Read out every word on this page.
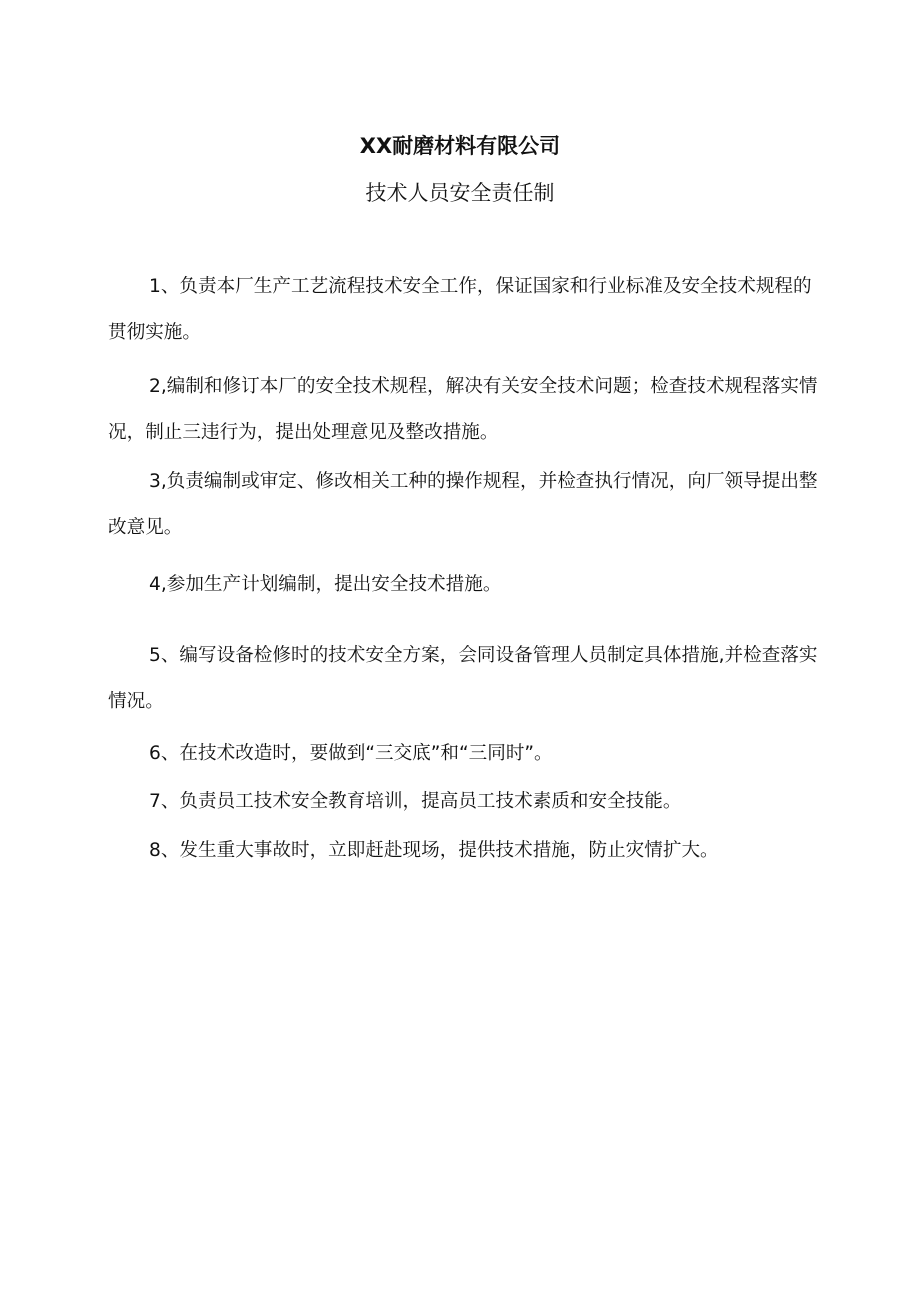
XX耐磨材料有限公司
技术人员安全责任制

1、负责本厂生产工艺流程技术安全工作，保证国家和行业标准及安全技术规程的贯彻实施。

2,编制和修订本厂的安全技术规程，解决有关安全技术问题；检查技术规程落实情况，制止三违行为，提出处理意见及整改措施。

3,负责编制或审定、修改相关工种的操作规程，并检查执行情况，向厂领导提出整改意见。

4,参加生产计划编制，提出安全技术措施。

5、编写设备检修时的技术安全方案，会同设备管理人员制定具体措施,并检查落实情况。

6、在技术改造时，要做到“三交底”和“三同时”。

7、负责员工技术安全教育培训，提高员工技术素质和安全技能。

8、发生重大事故时，立即赶赴现场，提供技术措施，防止灾情扩大。
